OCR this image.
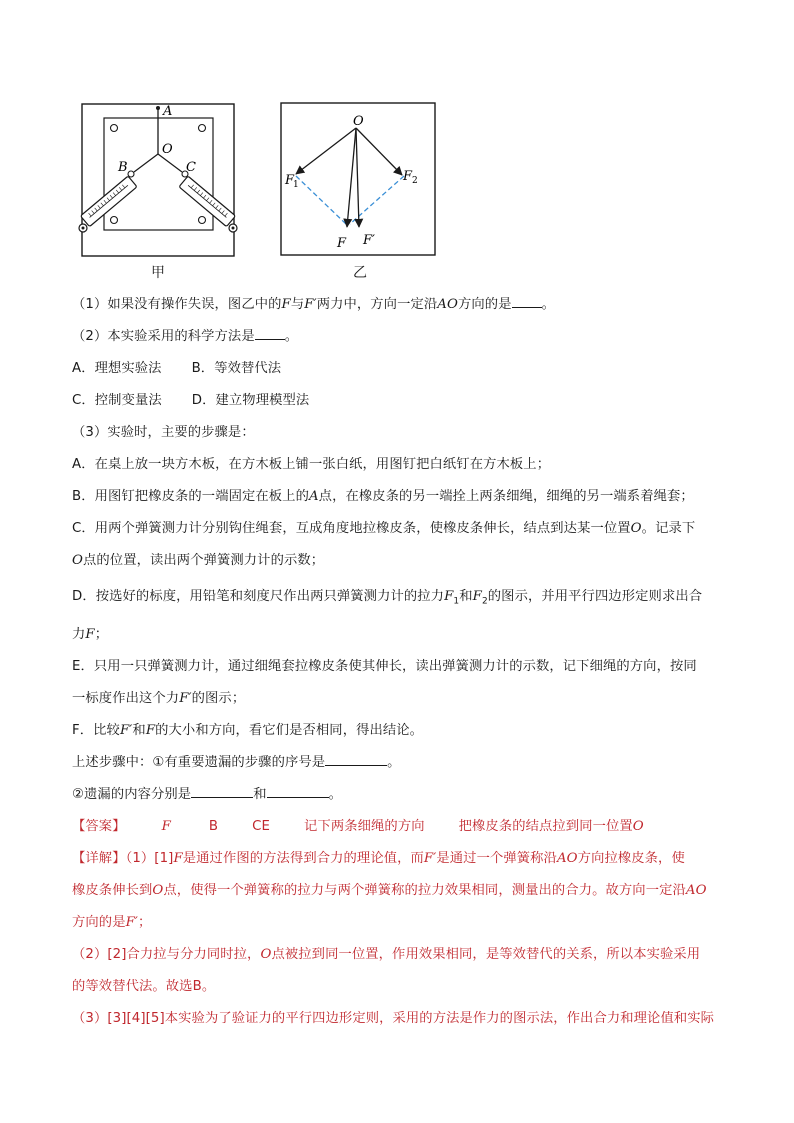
A
O
B	C
甲
O
F
1
F 2
F F′
乙
（1）如果没有操作失误，图乙中的F与F′两力中，方向一定沿AO方向的是 。
（2）本实验采用的科学方法是 。
A．理想实验法 B．等效替代法
C．控制变量法 D．建立物理模型法
（3）实验时，主要的步骤是：
A．在桌上放一块方木板，在方木板上铺一张白纸，用图钉把白纸钉在方木板上；
B．用图钉把橡皮条的一端固定在板上的A点，在橡皮条的另一端拴上两条细绳，细绳的另一端系着绳套；
C．用两个弹簧测力计分别钩住绳套，互成角度地拉橡皮条，使橡皮条伸长，结点到达某一位置O。记录下
O点的位置，读出两个弹簧测力计的示数；
D．按选好的标度，用铅笔和刻度尺作出两只弹簧测力计的拉力$F_1$和$F_2$的图示，并用平行四边形定则求出合
力F；
E．只用一只弹簧测力计，通过细绳套拉橡皮条使其伸长，读出弹簧测力计的示数，记下细绳的方向，按同
一标度作出这个力F′的图示；
F．比较F′和F的大小和方向，看它们是否相同，得出结论。
上述步骤中：①有重要遗漏的步骤的序号是	。
②遗漏的内容分别是	和	。
【答案】	F	B	CE	记下两条细绳的方向	把橡皮条的结点拉到同一位置O
【详解】（1）[1]F是通过作图的方法得到合力的理论值，而F′是通过一个弹簧称沿AO方向拉橡皮条，使
橡皮条伸长到O点，使得一个弹簧称的拉力与两个弹簧称的拉力效果相同，测量出的合力。故方向一定沿AO
方向的是F′；
（2）[2]合力拉与分力同时拉，O点被拉到同一位置，作用效果相同，是等效替代的关系，所以本实验采用
的等效替代法。故选B。
（3）[3][4][5]本实验为了验证力的平行四边形定则，采用的方法是作力的图示法，作出合力和理论值和实际
